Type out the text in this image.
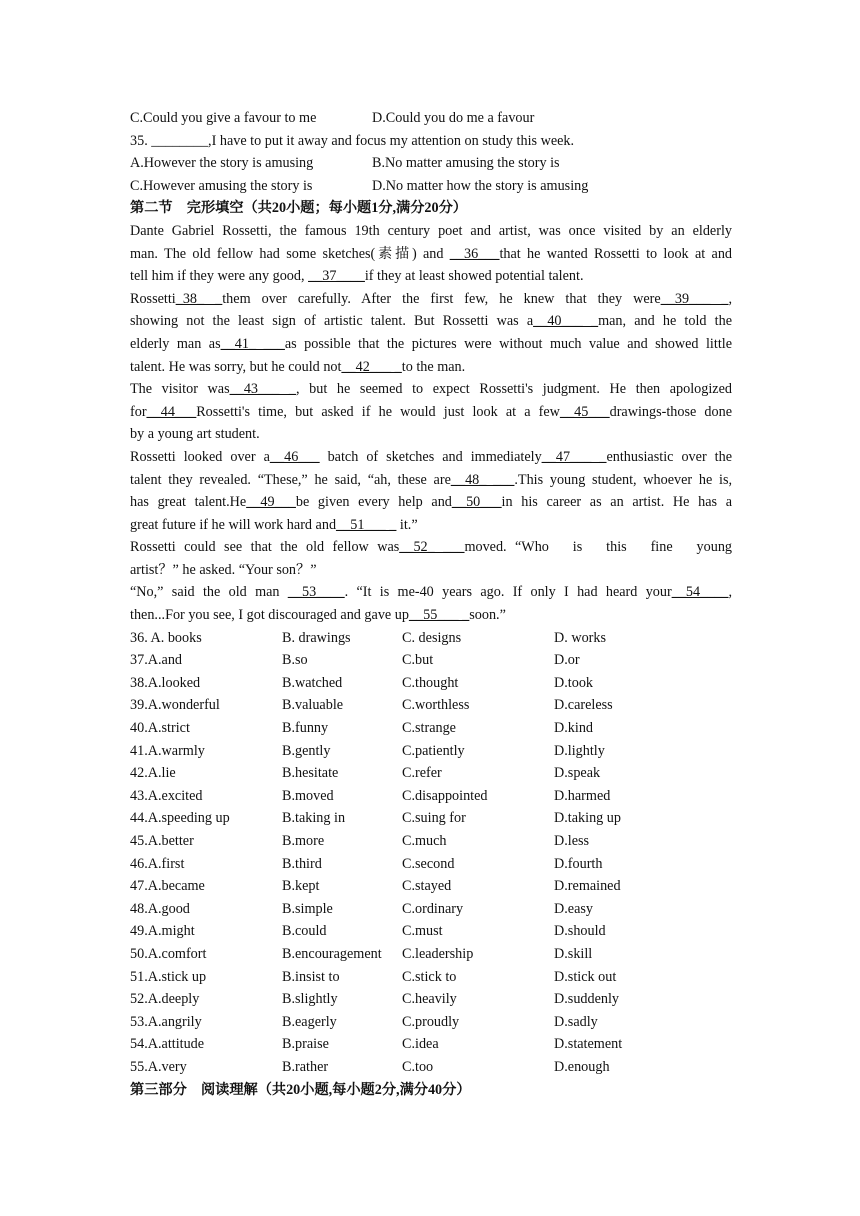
C.Could you give a favour to me	D.Could you do me a favour
35. ________,I have to put it away and focus my attention on study this week.
A.However the story is amusing	B.No matter amusing the story is
C.However amusing the story is	D.No matter how the story is amusing
第二节　完形填空（共20小题；每小题1分,满分20分）
Dante Gabriel Rossetti, the famous 19th century poet and artist, was once visited by an elderly
man. The old fellow had some sketches(素描) and __36___that he wanted Rossetti to look at and
tell him if they were any good, __37____if they at least showed potential talent.
Rossetti_38_ _them over carefully. After the first few, he knew that they were__39___ _,
showing not the least sign of artistic talent. But Rossetti was a__40___ _man, and he told the
elderly man as__41_ ___as possible that the pictures were without much value and showed little
talent. He was sorry, but he could not__42___ _to the man.
The visitor was__43___ _, but he seemed to expect Rossetti's judgment. He then apologized
for__44___Rossetti's time, but asked if he would just look at a few__45___drawings-those done
by a young art student.
Rossetti looked over a__46___ batch of sketches and immediately__47___ _enthusiastic over the
talent they revealed. “These,” he said, “ah, these are__48_ ___.This young student, whoever he is,
has great talent.He__49___be given every help and__50___in his career as an artist. He has a
great future if he will work hard and__51___ _ it.”
Rossetti could see that the old fellow was__52_ ___moved. “Who　is　this　fine　young
artist？” he asked. “Your son？”
“No,” said the old man __53____. “It is me-40 years ago. If only I had heard your__54____,
then...For you see, I got discouraged and gave up__55___ _soon.”
36. A. books	B. drawings	C. designs	D. works
37.A.and	B.so	C.but	D.or
38.A.looked	B.watched	C.thought	D.took
39.A.wonderful	B.valuable	C.worthless	D.careless
40.A.strict	B.funny	C.strange	D.kind
41.A.warmly	B.gently	C.patiently	D.lightly
42.A.lie	B.hesitate	C.refer	D.speak
43.A.excited	B.moved	C.disappointed	D.harmed
44.A.speeding up	B.taking in	C.suing for	D.taking up
45.A.better	B.more	C.much	D.less
46.A.first	B.third	C.second	D.fourth
47.A.became	B.kept	C.stayed	D.remained
48.A.good	B.simple	C.ordinary	D.easy
49.A.might	B.could	C.must	D.should
50.A.comfort	B.encouragement C.leadership	D.skill
51.A.stick up	B.insist to	C.stick to	D.stick out
52.A.deeply	B.slightly	C.heavily	D.suddenly
53.A.angrily	B.eagerly	C.proudly	D.sadly
54.A.attitude	B.praise	C.idea	D.statement
55.A.very	B.rather	C.too	D.enough
第三部分　阅读理解（共20小题,每小题2分,满分40分）
